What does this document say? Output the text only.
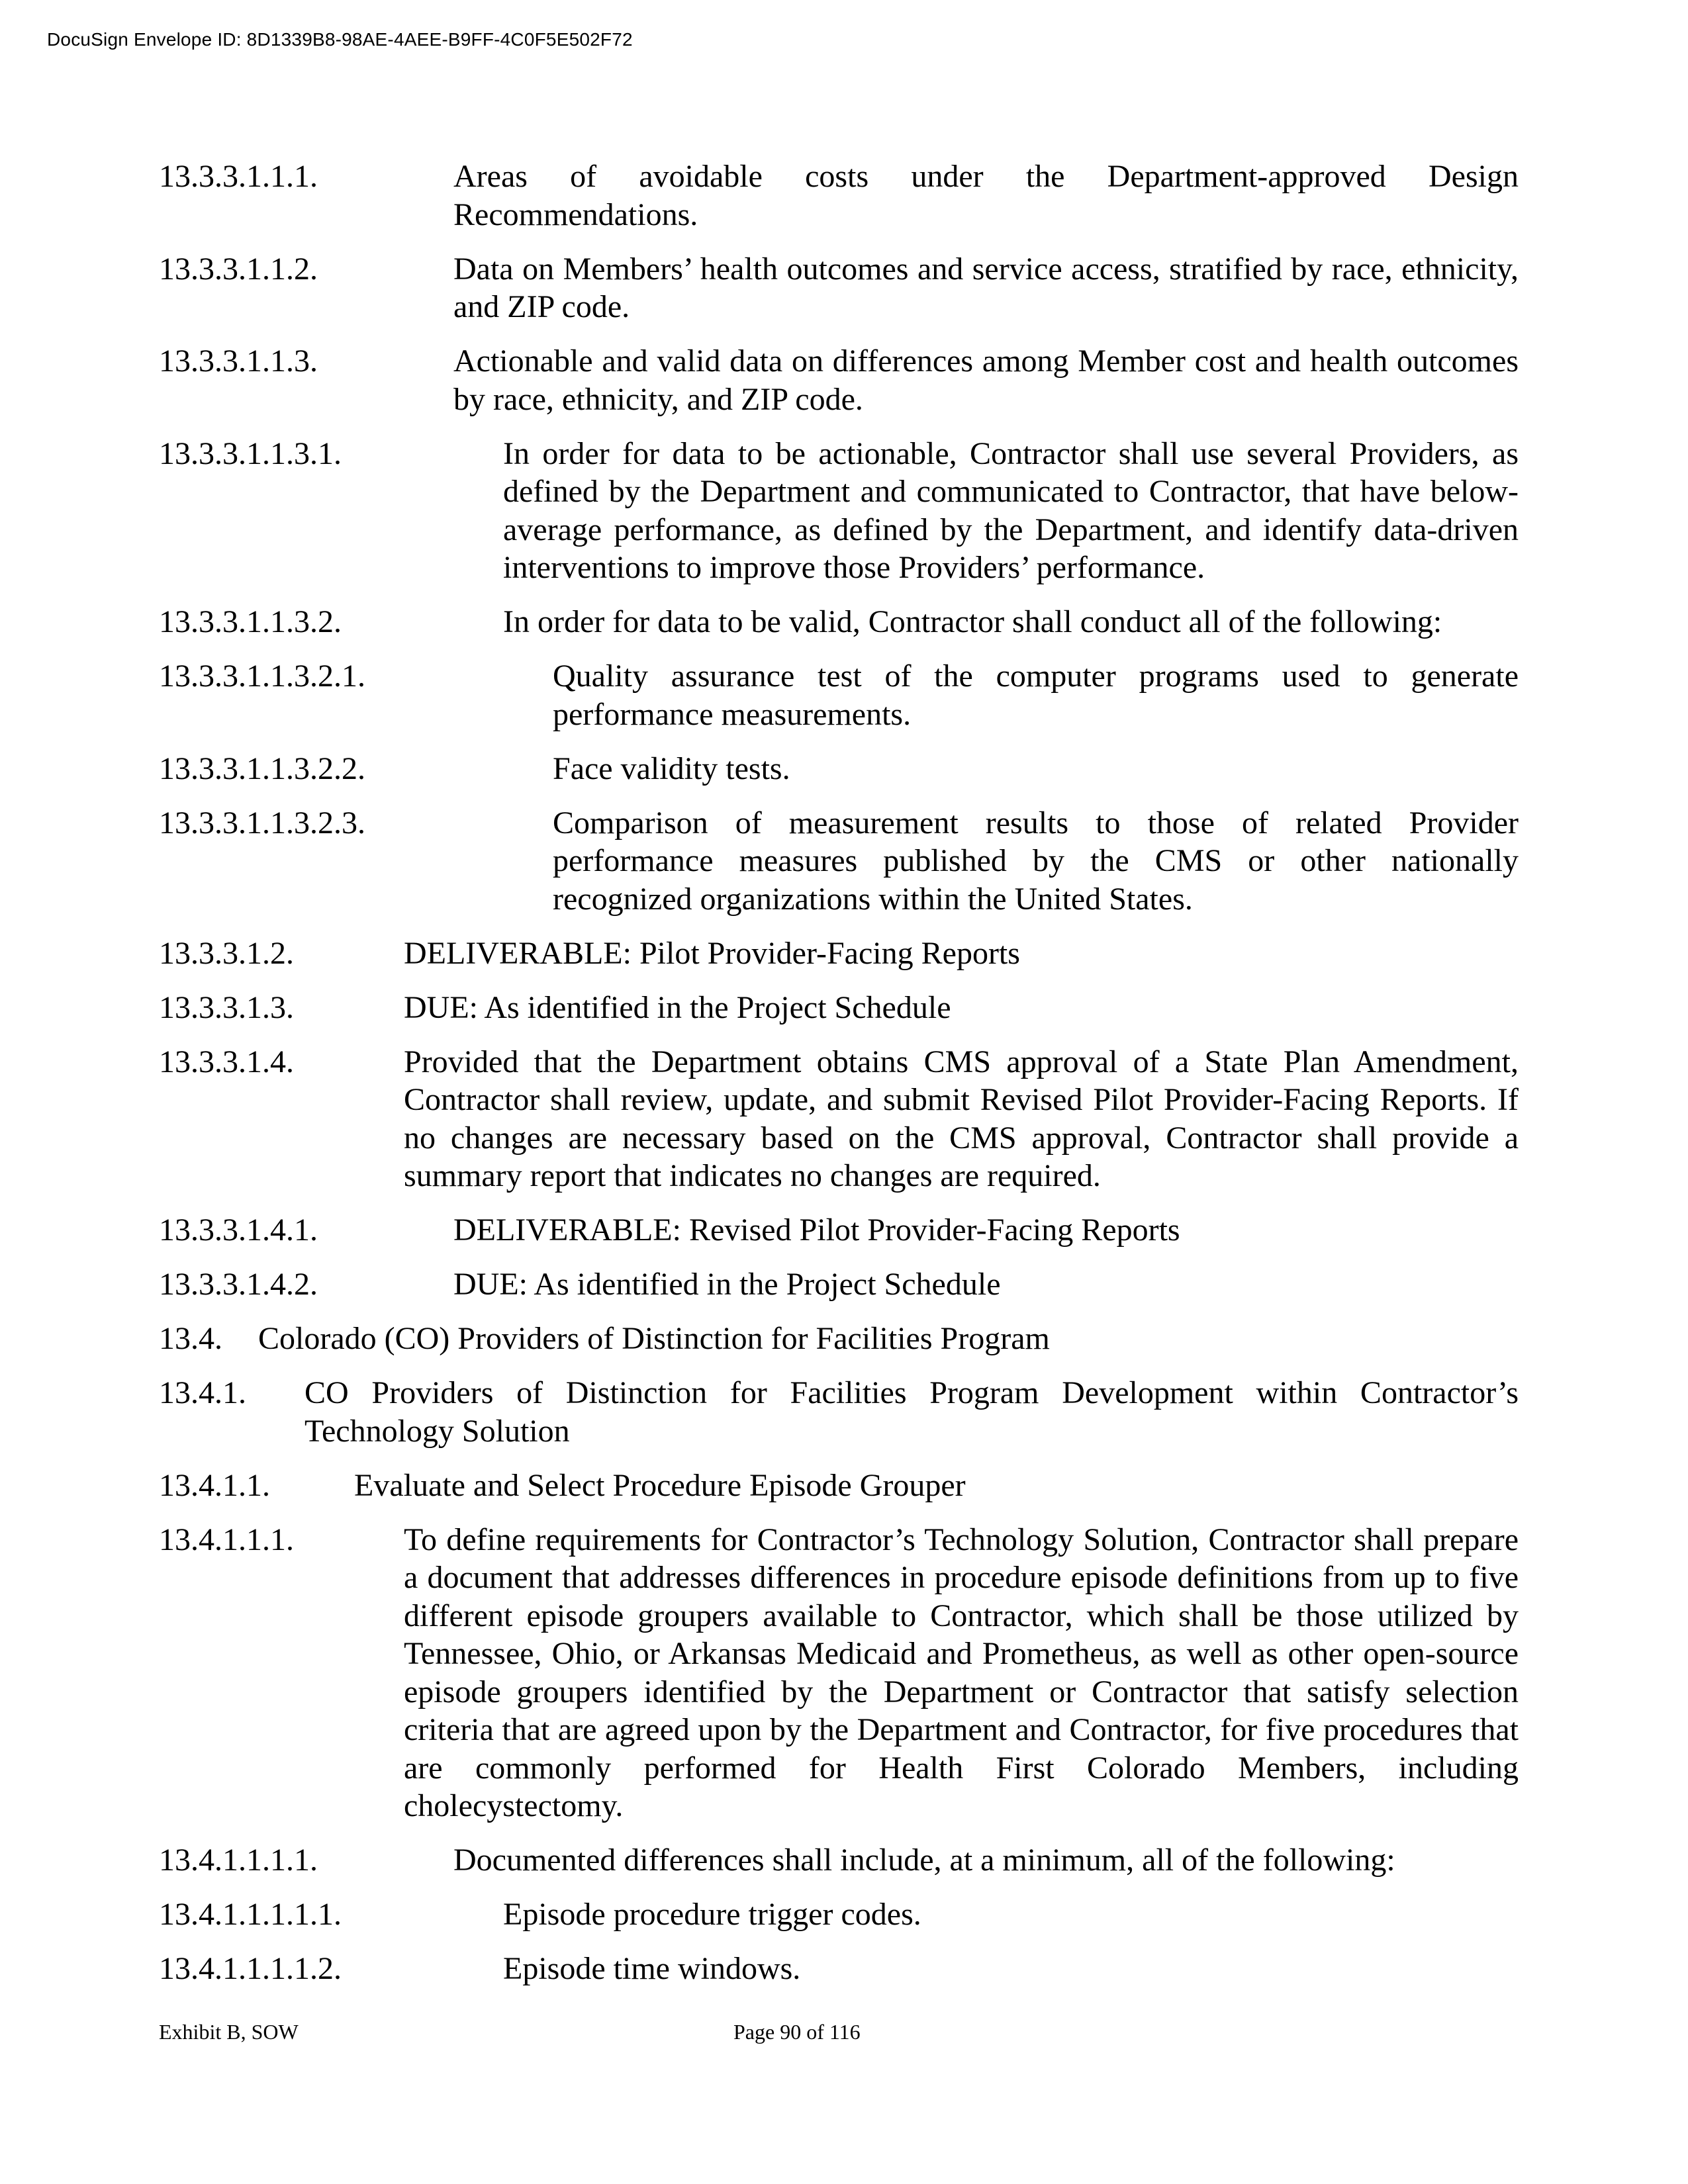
DocuSign Envelope ID: 8D1339B8-98AE-4AEE-B9FF-4C0F5E502F72
13.3.3.1.1.1.	Areas of avoidable costs under the Department-approved Design Recommendations.
13.3.3.1.1.2.	Data on Members’ health outcomes and service access, stratified by race, ethnicity, and ZIP code.
13.3.3.1.1.3.	Actionable and valid data on differences among Member cost and health outcomes by race, ethnicity, and ZIP code.
13.3.3.1.1.3.1.	In order for data to be actionable, Contractor shall use several Providers, as defined by the Department and communicated to Contractor, that have below-average performance, as defined by the Department, and identify data-driven interventions to improve those Providers’ performance.
13.3.3.1.1.3.2.	In order for data to be valid, Contractor shall conduct all of the following:
13.3.3.1.1.3.2.1.	Quality assurance test of the computer programs used to generate performance measurements.
13.3.3.1.1.3.2.2.	Face validity tests.
13.3.3.1.1.3.2.3.	Comparison of measurement results to those of related Provider performance measures published by the CMS or other nationally recognized organizations within the United States.
13.3.3.1.2.	DELIVERABLE: Pilot Provider-Facing Reports
13.3.3.1.3.	DUE: As identified in the Project Schedule
13.3.3.1.4.	Provided that the Department obtains CMS approval of a State Plan Amendment, Contractor shall review, update, and submit Revised Pilot Provider-Facing Reports. If no changes are necessary based on the CMS approval, Contractor shall provide a summary report that indicates no changes are required.
13.3.3.1.4.1.	DELIVERABLE: Revised Pilot Provider-Facing Reports
13.3.3.1.4.2.	DUE: As identified in the Project Schedule
13.4. Colorado (CO) Providers of Distinction for Facilities Program
13.4.1. CO Providers of Distinction for Facilities Program Development within Contractor’s Technology Solution
13.4.1.1.	Evaluate and Select Procedure Episode Grouper
13.4.1.1.1.	To define requirements for Contractor’s Technology Solution, Contractor shall prepare a document that addresses differences in procedure episode definitions from up to five different episode groupers available to Contractor, which shall be those utilized by Tennessee, Ohio, or Arkansas Medicaid and Prometheus, as well as other open-source episode groupers identified by the Department or Contractor that satisfy selection criteria that are agreed upon by the Department and Contractor, for five procedures that are commonly performed for Health First Colorado Members, including cholecystectomy.
13.4.1.1.1.1.	Documented differences shall include, at a minimum, all of the following:
13.4.1.1.1.1.1.	Episode procedure trigger codes.
13.4.1.1.1.1.2.	Episode time windows.
Exhibit B, SOW	Page 90 of 116
